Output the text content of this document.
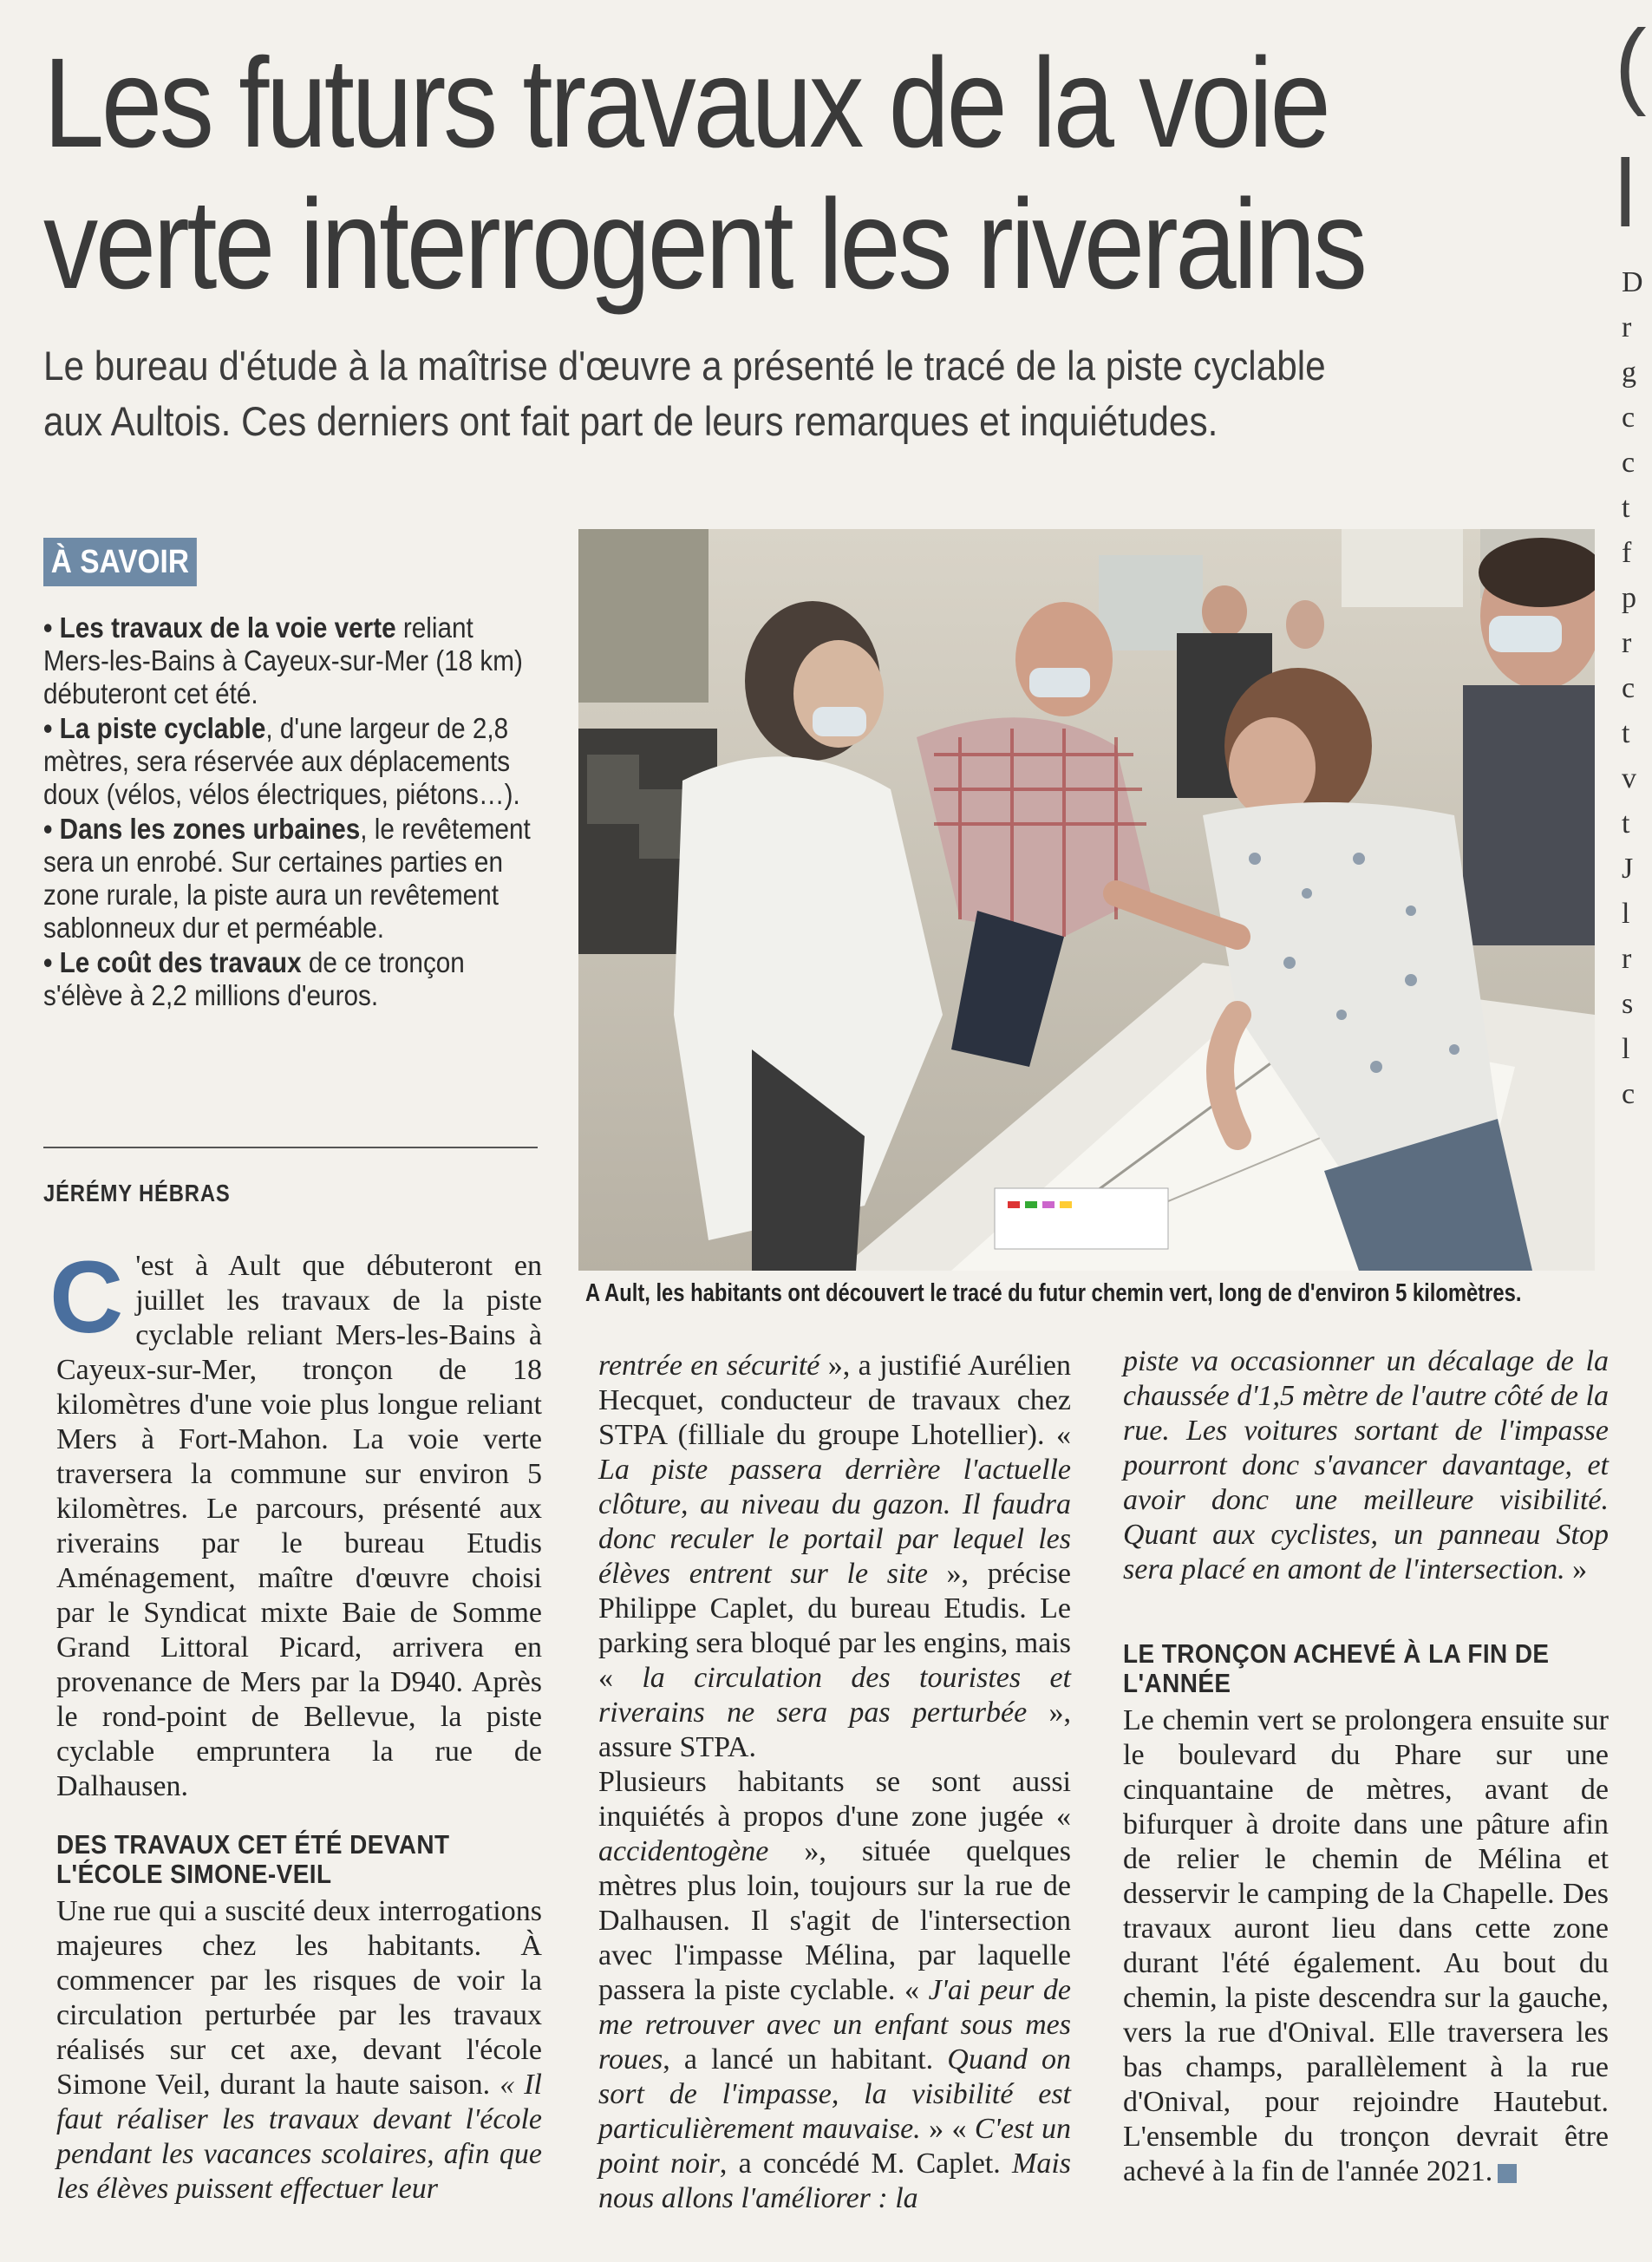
Les futurs travaux de la voie
verte interrogent les riverains
Le bureau d'étude à la maîtrise d'œuvre a présenté le tracé de la piste cyclable
aux Aultois. Ces derniers ont fait part de leurs remarques et inquiétudes.
(
l
D
r
g
c
c
t
f
p
r
c
t
v
t
J
l
r
s
l
c
À SAVOIR

• Les travaux de la voie verte reliant Mers-les-Bains à Cayeux-sur-Mer (18 km) débuteront cet été.

• La piste cyclable, d'une largeur de 2,8 mètres, sera réservée aux déplacements doux (vélos, vélos électriques, piétons…).

• Dans les zones urbaines, le revêtement sera un enrobé. Sur certaines parties en zone rurale, la piste aura un revêtement sablonneux dur et perméable.

• Le coût des travaux de ce tronçon s'élève à 2,2 millions d'euros.

JÉRÉMY HÉBRAS
A Ault, les habitants ont découvert le tracé du futur chemin vert, long de d'environ 5 kilomètres.

C 'est à Ault que débuteront en juillet les travaux de la piste cyclable reliant Mers-les-Bains à Cayeux-sur-Mer, tronçon de 18 kilomètres d'une voie plus longue reliant Mers à Fort-Mahon. La voie verte traversera la commune sur environ 5 kilomètres. Le parcours, présenté aux riverains par le bureau Etudis Aménagement, maître d'œuvre choisi par le Syndicat mixte Baie de Somme Grand Littoral Picard, arrivera en provenance de Mers par la D940. Après le rond-point de Bellevue, la piste cyclable empruntera la rue de Dalhausen.

DES TRAVAUX CET ÉTÉ DEVANT L'ÉCOLE SIMONE-VEIL

Une rue qui a suscité deux interrogations majeures chez les habitants. À commencer par les risques de voir la circulation perturbée par les travaux réalisés sur cet axe, devant l'école Simone Veil, durant la haute saison. « Il faut réaliser les travaux devant l'école pendant les vacances scolaires, afin que les élèves puissent effectuer leur

rentrée en sécurité », a justifié Aurélien Hecquet, conducteur de travaux chez STPA (filliale du groupe Lhotellier). « La piste passera derrière l'actuelle clôture, au niveau du gazon. Il faudra donc reculer le portail par lequel les élèves entrent sur le site », précise Philippe Caplet, du bureau Etudis. Le parking sera bloqué par les engins, mais « la circulation des touristes et riverains ne sera pas perturbée », assure STPA.

Plusieurs habitants se sont aussi inquiétés à propos d'une zone jugée « accidentogène », située quelques mètres plus loin, toujours sur la rue de Dalhausen. Il s'agit de l'intersection avec l'impasse Mélina, par laquelle passera la piste cyclable. « J'ai peur de me retrouver avec un enfant sous mes roues, a lancé un habitant. Quand on sort de l'impasse, la visibilité est particulièrement mauvaise. » « C'est un point noir, a concédé M. Caplet. Mais nous allons l'améliorer : la

piste va occasionner un décalage de la chaussée d'1,5 mètre de l'autre côté de la rue. Les voitures sortant de l'impasse pourront donc s'avancer davantage, et avoir donc une meilleure visibilité. Quant aux cyclistes, un panneau Stop sera placé en amont de l'intersection. »

LE TRONÇON ACHEVÉ À LA FIN DE L'ANNÉE

Le chemin vert se prolongera ensuite sur le boulevard du Phare sur une cinquantaine de mètres, avant de bifurquer à droite dans une pâture afin de relier le chemin de Mélina et desservir le camping de la Chapelle. Des travaux auront lieu dans cette zone durant l'été également. Au bout du chemin, la piste descendra sur la gauche, vers la rue d'Onival. Elle traversera les bas champs, parallèlement à la rue d'Onival, pour rejoindre Hautebut. L'ensemble du tronçon devrait être achevé à la fin de l'année 2021.
